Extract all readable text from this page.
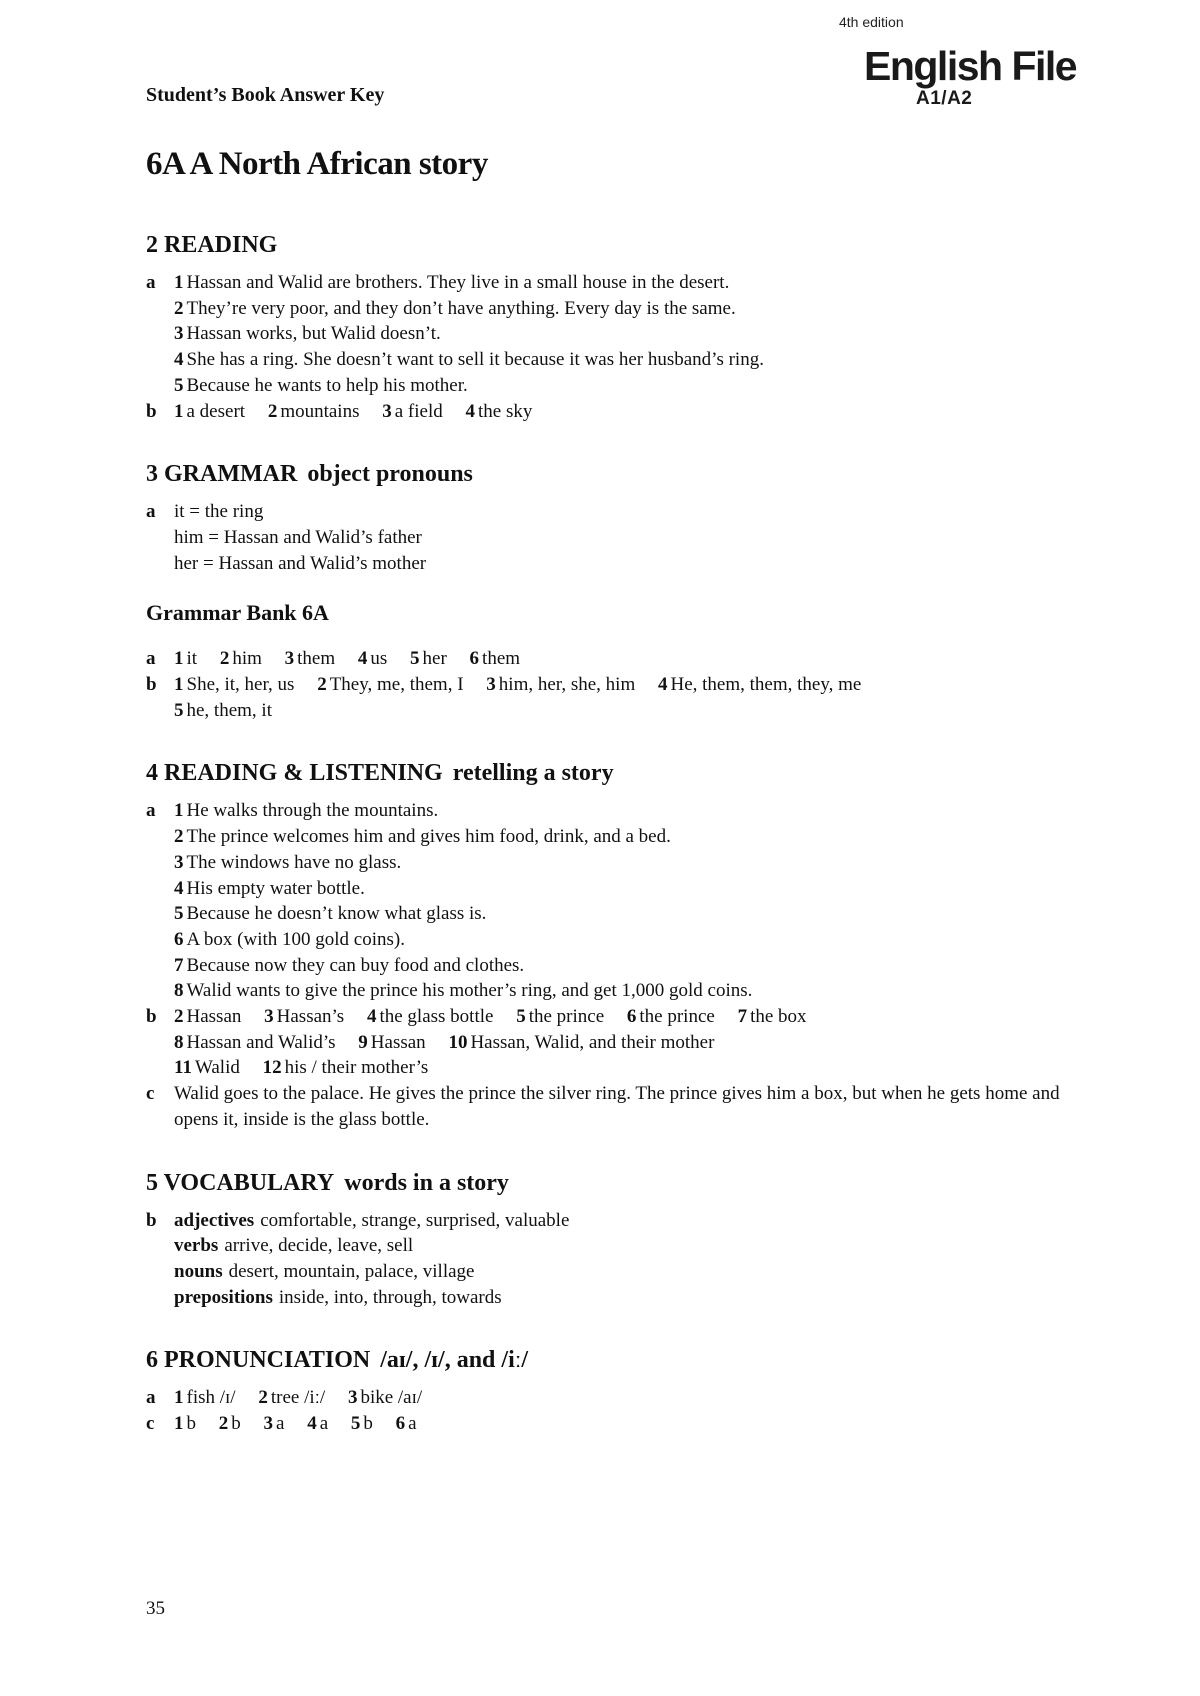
4th edition
English File
A1/A2
Student’s Book Answer Key
6A A North African story
2 READING
a 1 Hassan and Walid are brothers. They live in a small house in the desert.
2 They’re very poor, and they don’t have anything. Every day is the same.
3 Hassan works, but Walid doesn’t.
4 She has a ring. She doesn’t want to sell it because it was her husband’s ring.
5 Because he wants to help his mother.
b 1 a desert 2 mountains 3 a field 4 the sky
3 GRAMMAR object pronouns
a it = the ring
him = Hassan and Walid’s father
her = Hassan and Walid’s mother
Grammar Bank 6A
a 1 it 2 him 3 them 4 us 5 her 6 them
b 1 She, it, her, us 2 They, me, them, I 3 him, her, she, him 4 He, them, them, they, me
5 he, them, it
4 READING & LISTENING retelling a story
a 1 He walks through the mountains.
2 The prince welcomes him and gives him food, drink, and a bed.
3 The windows have no glass.
4 His empty water bottle.
5 Because he doesn’t know what glass is.
6 A box (with 100 gold coins).
7 Because now they can buy food and clothes.
8 Walid wants to give the prince his mother’s ring, and get 1,000 gold coins.
b 2 Hassan 3 Hassan’s 4 the glass bottle 5 the prince 6 the prince 7 the box
8 Hassan and Walid’s 9 Hassan 10 Hassan, Walid, and their mother
11 Walid 12 his / their mother’s
c Walid goes to the palace. He gives the prince the silver ring. The prince gives him a box, but when he gets home and opens it, inside is the glass bottle.
5 VOCABULARY words in a story
b adjectives comfortable, strange, surprised, valuable
verbs arrive, decide, leave, sell
nouns desert, mountain, palace, village
prepositions inside, into, through, towards
6 PRONUNCIATION /aɪ/, /ɪ/, and /iː/
a 1 fish /ɪ/ 2 tree /iː/ 3 bike /aɪ/
c 1 b 2 b 3 a 4 a 5 b 6 a
35
